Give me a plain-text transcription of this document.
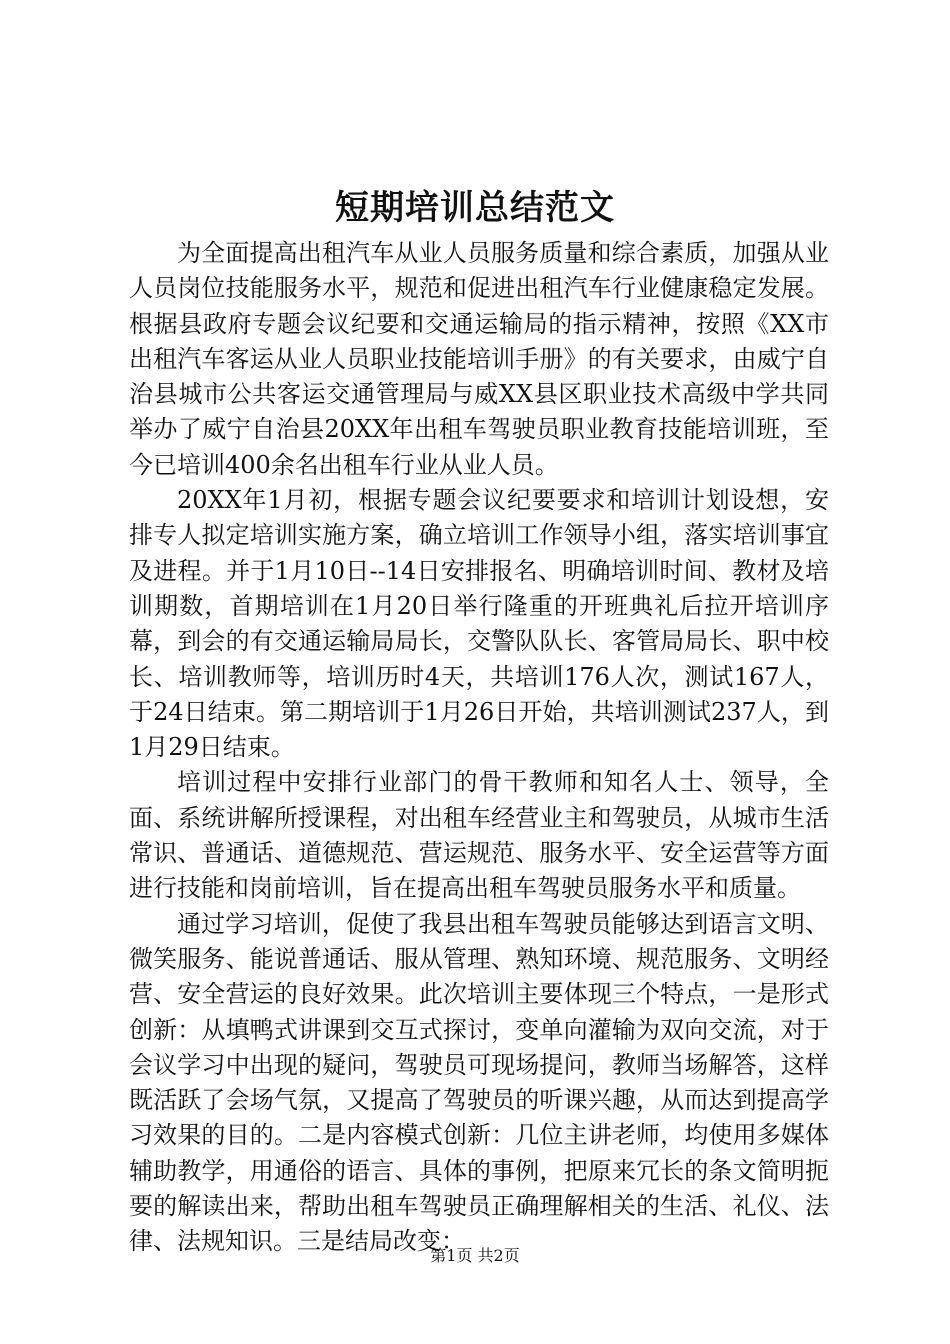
短期培训总结范文

为全面提高出租汽车从业人员服务质量和综合素质，加强从业人员岗位技能服务水平，规范和促进出租汽车行业健康稳定发展。根据县政府专题会议纪要和交通运输局的指示精神，按照《XX市出租汽车客运从业人员职业技能培训手册》的有关要求，由威宁自治县城市公共客运交通管理局与威XX县区职业技术高级中学共同举办了威宁自治县20XX年出租车驾驶员职业教育技能培训班，至今已培训400余名出租车行业从业人员。

20XX年1月初，根据专题会议纪要要求和培训计划设想，安排专人拟定培训实施方案，确立培训工作领导小组，落实培训事宜及进程。并于1月10日--14日安排报名、明确培训时间、教材及培训期数，首期培训在1月20日举行隆重的开班典礼后拉开培训序幕，到会的有交通运输局局长，交警队队长、客管局局长、职中校长、培训教师等，培训历时4天，共培训176人次，测试167人，于24日结束。第二期培训于1月26日开始，共培训测试237人，到1月29日结束。

培训过程中安排行业部门的骨干教师和知名人士、领导，全面、系统讲解所授课程，对出租车经营业主和驾驶员，从城市生活常识、普通话、道德规范、营运规范、服务水平、安全运营等方面进行技能和岗前培训，旨在提高出租车驾驶员服务水平和质量。

通过学习培训，促使了我县出租车驾驶员能够达到语言文明、微笑服务、能说普通话、服从管理、熟知环境、规范服务、文明经营、安全营运的良好效果。此次培训主要体现三个特点，一是形式创新：从填鸭式讲课到交互式探讨，变单向灌输为双向交流，对于会议学习中出现的疑问，驾驶员可现场提问，教师当场解答，这样既活跃了会场气氛，又提高了驾驶员的听课兴趣，从而达到提高学习效果的目的。二是内容模式创新：几位主讲老师，均使用多媒体辅助教学，用通俗的语言、具体的事例，把原来冗长的条文简明扼要的解读出来，帮助出租车驾驶员正确理解相关的生活、礼仪、法律、法规知识。三是结局改变：

第1页 共2页
